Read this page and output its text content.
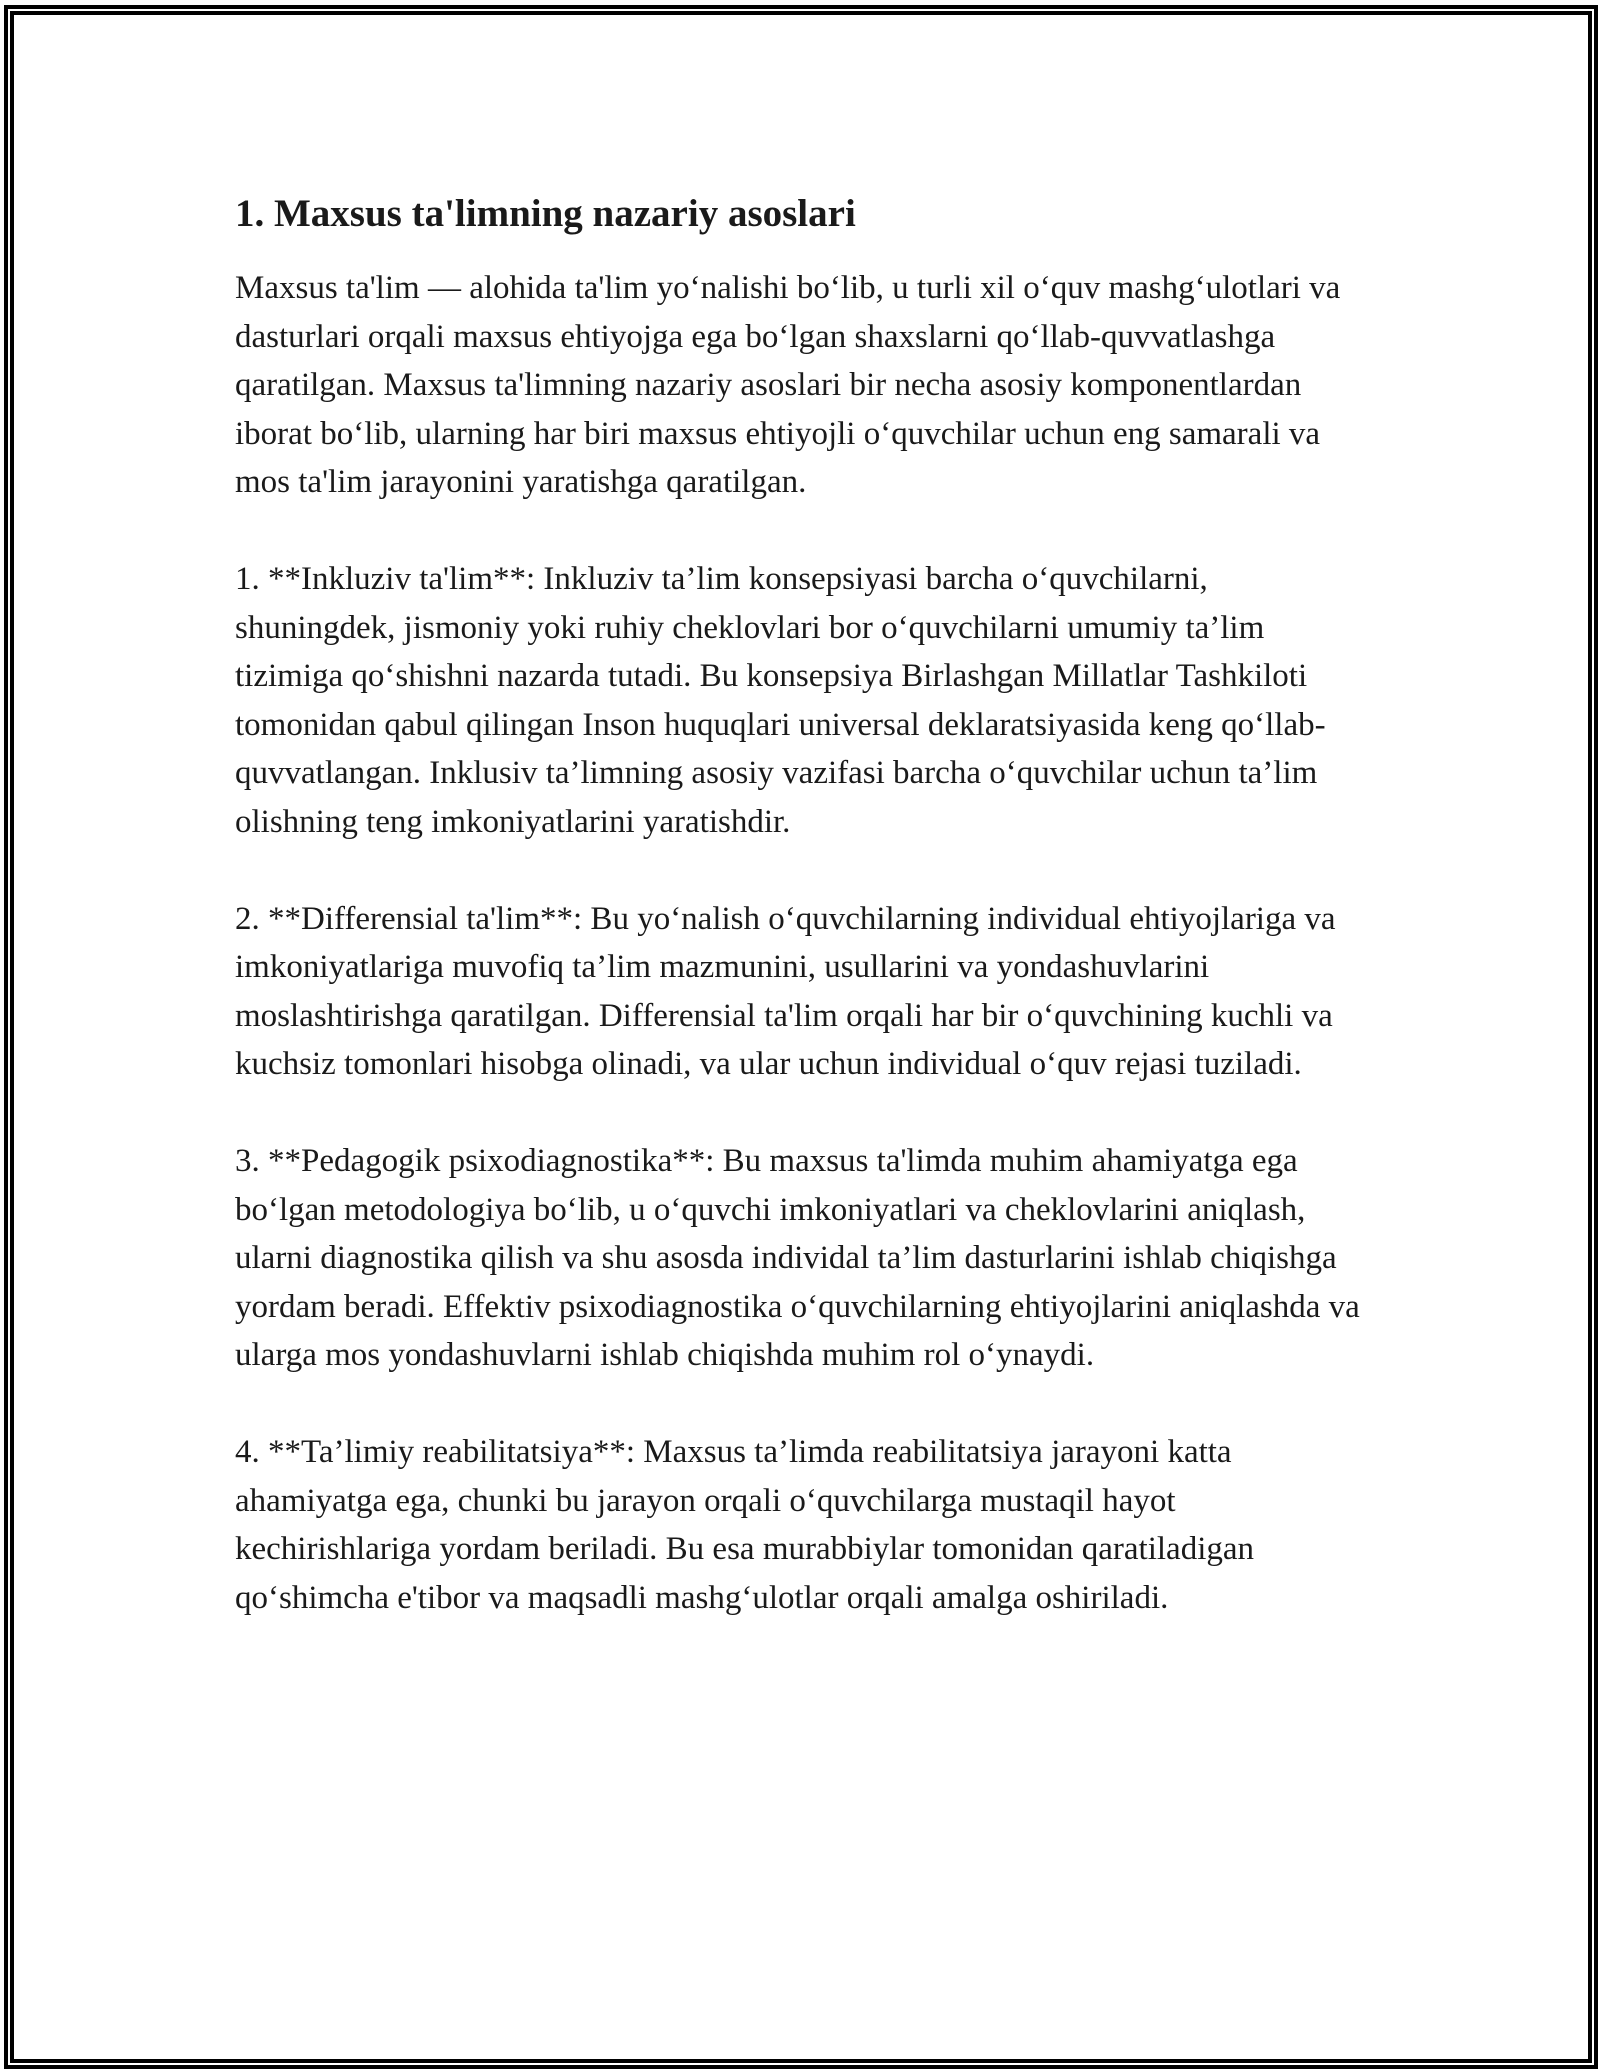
1. Maxsus ta'limning nazariy asoslari

Maxsus ta'lim — alohida ta'lim yo‘nalishi bo‘lib, u turli xil o‘quv mashg‘ulotlari va dasturlari orqali maxsus ehtiyojga ega bo‘lgan shaxslarni qo‘llab-quvvatlashga qaratilgan. Maxsus ta'limning nazariy asoslari bir necha asosiy komponentlardan iborat bo‘lib, ularning har biri maxsus ehtiyojli o‘quvchilar uchun eng samarali va mos ta'lim jarayonini yaratishga qaratilgan.

1. **Inkluziv ta'lim**: Inkluziv ta’lim konsepsiyasi barcha o‘quvchilarni, shuningdek, jismoniy yoki ruhiy cheklovlari bor o‘quvchilarni umumiy ta’lim tizimiga qo‘shishni nazarda tutadi. Bu konsepsiya Birlashgan Millatlar Tashkiloti tomonidan qabul qilingan Inson huquqlari universal deklaratsiyasida keng qo‘llab-quvvatlangan. Inklusiv ta’limning asosiy vazifasi barcha o‘quvchilar uchun ta’lim olishning teng imkoniyatlarini yaratishdir.

2. **Differensial ta'lim**: Bu yo‘nalish o‘quvchilarning individual ehtiyojlariga va imkoniyatlariga muvofiq ta’lim mazmunini, usullarini va yondashuvlarini moslashtirishga qaratilgan. Differensial ta'lim orqali har bir o‘quvchining kuchli va kuchsiz tomonlari hisobga olinadi, va ular uchun individual o‘quv rejasi tuziladi.

3. **Pedagogik psixodiagnostika**: Bu maxsus ta'limda muhim ahamiyatga ega bo‘lgan metodologiya bo‘lib, u o‘quvchi imkoniyatlari va cheklovlarini aniqlash, ularni diagnostika qilish va shu asosda individal ta’lim dasturlarini ishlab chiqishga yordam beradi. Effektiv psixodiagnostika o‘quvchilarning ehtiyojlarini aniqlashda va ularga mos yondashuvlarni ishlab chiqishda muhim rol o‘ynaydi.

4. **Ta’limiy reabilitatsiya**: Maxsus ta’limda reabilitatsiya jarayoni katta ahamiyatga ega, chunki bu jarayon orqali o‘quvchilarga mustaqil hayot kechirishlariga yordam beriladi. Bu esa murabbiylar tomonidan qaratiladigan qo‘shimcha e'tibor va maqsadli mashg‘ulotlar orqali amalga oshiriladi.
